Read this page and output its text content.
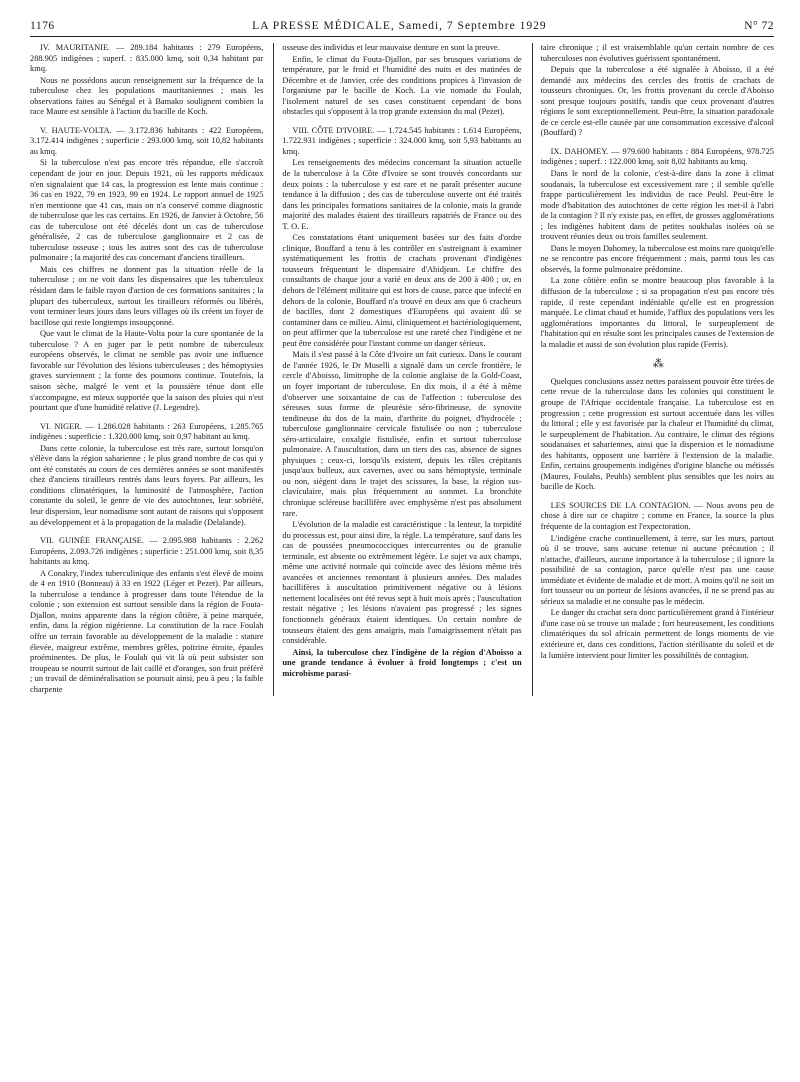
1176	LA PRESSE MÉDICALE, Samedi, 7 Septembre 1929	N° 72

IV. MAURITANIE. — 289.184 habitants : 279 Européens, 288.905 indigènes ; superf. : 835.000 kmq, soit 0,34 habitant par kmq.

Nous ne possédons aucun renseignement sur la fréquence de la tuberculose chez les populations mauritaniennes ; mais les observations faites au Sénégal et à Bamako soulignent combien la race Maure est sensible à l'action du bacille de Koch.

V. HAUTE-VOLTA. — 3.172.836 habitants : 422 Européens, 3.172.414 indigènes ; superficie : 293.000 kmq, soit 10,82 habitants au kmq.

Si la tuberculose n'est pas encore très répandue, elle s'accroît cependant de jour en jour. Depuis 1921, où les rapports médicaux n'en signalaient que 14 cas, la progression est lente mais continue : 36 cas en 1922, 79 en 1923, 99 en 1924. Le rapport annuel de 1925 n'en mentionne que 41 cas, mais on n'a conservé comme diagnostic de tuberculose que les cas certains. En 1926, de Janvier à Octobre, 56 cas de tuberculose ont été décelés dont un cas de tuberculose généralisée, 2 cas de tuberculose ganglionnaire et 2 cas de tuberculose osseuse ; tous les autres sont des cas de tuberculose pulmonaire ; la majorité des cas concernant d'anciens tirailleurs.

Mais ces chiffres ne donnent pas la situation réelle de la tuberculose ; on ne voit dans les dispensaires que les tuberculeux résidant dans le faible rayon d'action de ces formations sanitaires ; la plupart des tuberculeux, surtout les tirailleurs réformés ou libérés, vont terminer leurs jours dans leurs villages où ils créent un foyer de bacillose qui reste longtemps insoupçonné.

Que vaut le climat de la Haute-Volta pour la cure spontanée de la tuberculose ? A en juger par le petit nombre de tuberculeux européens observés, le climat ne semble pas avoir une influence favorable sur l'évolution des lésions tuberculeuses ; des hémoptysies graves surviennent ; la fonte des poumons continue. Toutefois, la saison sèche, malgré le vent et la poussière ténue dont elle s'accompagne, est mieux supportée que la saison des pluies qui n'est pourtant que d'une humidité relative (J. Legendre).

VI. NIGER. — 1.286.028 habitants : 263 Européens, 1.285.765 indigènes : superficie : 1.320.000 kmq, soit 0,97 habitant au kmq.

Dans cette colonie, la tuberculose est très rare, surtout lorsqu'on s'élève dans la région saharienne ; le plus grand nombre de cas qui y ont été constatés au cours de ces dernières années se sont manifestés chez d'anciens tirailleurs rentrés dans leurs foyers. Par ailleurs, les conditions climatériques, la luminosité de l'atmosphère, l'action constante du soleil, le genre de vie des autochtones, leur sobriété, leur dispersion, leur nomadisme sont autant de raisons qui s'opposent au développement et à la propagation de la maladie (Delalande).

VII. GUINÉE FRANÇAISE. — 2.095.988 habitants : 2.262 Européens, 2.093.726 indigènes ; superficie : 251.000 kmq, soit 8,35 habitants au kmq.

A Conakry, l'index tuberculinique des enfants s'est élevé de moins de 4 en 1910 (Bonneau) à 33 en 1922 (Léger et Pezet). Par ailleurs, la tuberculose a tendance à progresser dans toute l'étendue de la colonie ; son extension est surtout sensible dans la région de Fouta-Djallon, moins apparente dans la région côtière, à peine marquée, enfin, dans la région nigérienne. La constitution de la race Foulah offre un terrain favorable au développement de la maladie : stature élevée, maigreur extrême, membres grêles, poitrine étroite, épaules proéminentes. De plus, le Foulah qui vit là où peut subsister son troupeau se nourrit surtout de lait caillé et d'oranges, son fruit préféré ; un travail de déminéralisation se poursuit ainsi, peu à peu ; la faible charpente

osseuse des individus et leur mauvaise denture en sont la preuve.

Enfin, le climat du Fouta-Djallon, par ses brusques variations de température, par le froid et l'humidité des nuits et des matinées de Décembre et de Janvier, crée des conditions propices à l'invasion de l'organisme par le bacille de Koch. La vie nomade du Foulah, l'isolement naturel de ses cases constituent cependant de bons obstacles qui s'opposent à la trop grande extension du mal (Pezet).

VIII. CÔTE D'IVOIRE. — 1.724.545 habitants : 1.614 Européens, 1.722.931 indigènes ; superficie : 324.000 kmq, soit 5,93 habitants au kmq.

Les renseignements des médecins concernant la situation actuelle de la tuberculose à la Côte d'Ivoire se sont trouvés concordants sur deux points : la tuberculose y est rare et ne paraît présenter aucune tendance à la diffusion ; des cas de tuberculose ouverte ont été traités dans les principales formations sanitaires de la colonie, mais la grande majorité des malades étaient des tirailleurs rapatriés de France ou des T. O. E.

Ces constatations étant uniquement basées sur des faits d'ordre clinique, Bouffard a tenu à les contrôler en s'astreignant à examiner systématiquement les frottis de crachats provenant d'indigènes tousseurs fréquentant le dispensaire d'Abidjean. Le chiffre des consultants de chaque jour a varié en deux ans de 200 à 400 ; or, en dehors de l'élément militaire qui est hors de cause, parce que infecté en dehors de la colonie, Bouffard n'a trouvé en deux ans que 6 cracheurs de bacilles, dont 2 domestiques d'Européens qui avaient dû se contaminer dans ce milieu. Ainsi, cliniquement et bactériologiquement, on peut affirmer que la tuberculose est une rareté chez l'indigène et ne peut être considérée pour l'instant comme un danger sérieux.

Mais il s'est passé à la Côte d'Ivoire un fait curieux. Dans le courant de l'année 1926, le Dr Muselli a signalé dans un cercle frontière, le cercle d'Aboisso, limitrophe de la colonie anglaise de la Gold-Coast, un foyer important de tuberculose. En dix mois, il a été à même d'observer une soixantaine de cas de l'affection : tuberculose des séreuses sous forme de pleurésie séro-fibrineuse, de synovite tendineuse du dos de la main, d'arthrite du poignet, d'hydrocèle ; tuberculose ganglionnaire cervicale fistulisée ou non ; tuberculose séro-articulaire, coxalgie fistulisée, enfin et surtout tuberculose pulmonaire. A l'auscultation, dans un tiers des cas, absence de signes physiques ; ceux-ci, lorsqu'ils existent, depuis les râles crépitants jusqu'aux bulleux, aux cavernes, avec ou sans hémoptysie, terminale ou non, siègent dans le trajet des scissures, la base, la région sus-claviculaire, mais plus fréquemment au sommet. La bronchite chronique scléreuse bacillifère avec emphysème n'est pas absolument rare.

L'évolution de la maladie est caractéristique : la lenteur, la torpidité du processus est, pour ainsi dire, la règle. La température, sauf dans les cas de poussées pneumococciques intercurrentes ou de granulie terminale, est absente ou extrêmement légère. Le sujet va aux champs, même une activité normale qui coïncide avec des lésions même très avancées et anciennes remontant à plusieurs années. Des malades bacillifères à auscultation primitivement négative ou à lésions nettement localisées ont été revus sept à huit mois après ; l'auscultation restait négative ; les lésions n'avaient pas progressé ; les signes fonctionnels généraux étaient identiques. Un certain nombre de tousseurs étaient des gens amaigris, mais l'amaigrissement n'était pas considérable.

Ainsi, la tuberculose chez l'indigène de la région d'Aboisso a une grande tendance à évoluer à froid longtemps ; c'est un microbisme parasi-

taire chronique ; il est vraisemblable qu'un certain nombre de ces tuberculoses non évolutives guérissent spontanément.

Depuis que la tuberculose a été signalée à Aboisso, il a été demandé aux médecins des cercles des frottis de crachats de tousseurs chroniques. Or, les frottis provenant du cercle d'Aboisso sont presque toujours positifs, tandis que ceux provenant d'autres régions le sont exceptionnellement. Peut-être, la situation paradoxale de ce cercle est-elle causée par une consommation excessive d'alcool (Bouffard) ?

IX. DAHOMEY. — 979.600 habitants : 884 Européens, 978.725 indigènes ; superf. : 122.000 kmq, soit 8,02 habitants au kmq.

Dans le nord de la colonie, c'est-à-dire dans la zone à climat soudanais, la tuberculose est excessivement rare ; il semble qu'elle frappe particulièrement les individus de race Peuhl. Peut-être le mode d'habitation des autochtones de cette région les met-il à l'abri de la contagion ? Il n'y existe pas, en effet, de grosses agglomérations ; les indigènes habitent dans de petites soukhalas isolées où se trouvent réunies deux ou trois familles seulement.

Dans le moyen Dahomey, la tuberculose est moins rare quoiqu'elle ne se rencontre pas encore fréquemment ; mais, parmi tous les cas observés, la forme pulmonaire prédomine.

La zone côtière enfin se montre beaucoup plus favorable à la diffusion de la tuberculose ; si sa propagation n'est pas encore très rapide, il reste cependant indéniable qu'elle est en progression marquée. Le climat chaud et humide, l'afflux des populations vers les agglomérations importantes du littoral, le surpeuplement de l'habitation qui en résulte sont les principales causes de l'extension de la maladie et aussi de son évolution plus rapide (Ferris).

⁂

Quelques conclusions assez nettes paraissent pouvoir être tirées de cette revue de la tuberculose dans les colonies qui constituent le groupe de l'Afrique occidentale française. La tuberculose est en progression ; cette progression est surtout accentuée dans les villes du littoral ; elle y est favorisée par la chaleur et l'humidité du climat, le surpeuplement de l'habitation. Au contraire, le climat des régions soudanaises et sahariennes, ainsi que la dispersion et le nomadisme des habitants, opposent une barrière à l'extension de la maladie. Enfin, certains groupements indigènes d'origine blanche ou métissés (Maures, Foulahs, Peuhls) semblent plus sensibles que les noirs au bacille de Koch.

LES SOURCES DE LA CONTAGION. — Nous avons peu de chose à dire sur ce chapitre ; comme en France, la source la plus fréquente de la contagion est l'expectoration.

L'indigène crache continuellement, à terre, sur les murs, partout où il se trouve, sans aucune retenue ni aucune précaution ; il n'attache, d'ailleurs, aucune importance à la tuberculose ; il ignore la possibilité de sa contagion, parce qu'elle n'est pas une cause immédiate et évidente de maladie et de mort. A moins qu'il ne soit un fort tousseur ou un porteur de lésions avancées, il ne se prend pas au sérieux sa maladie et ne consulte pas le médecin.

Le danger du crachat sera donc particulièrement grand à l'intérieur d'une case où se trouve un malade ; fort heureusement, les conditions climatériques du sol africain permettent de longs moments de vie extérieure et, dans ces conditions, l'action stérilisante du soleil et de la lumière intervient pour limiter les possibilités de contagion.
